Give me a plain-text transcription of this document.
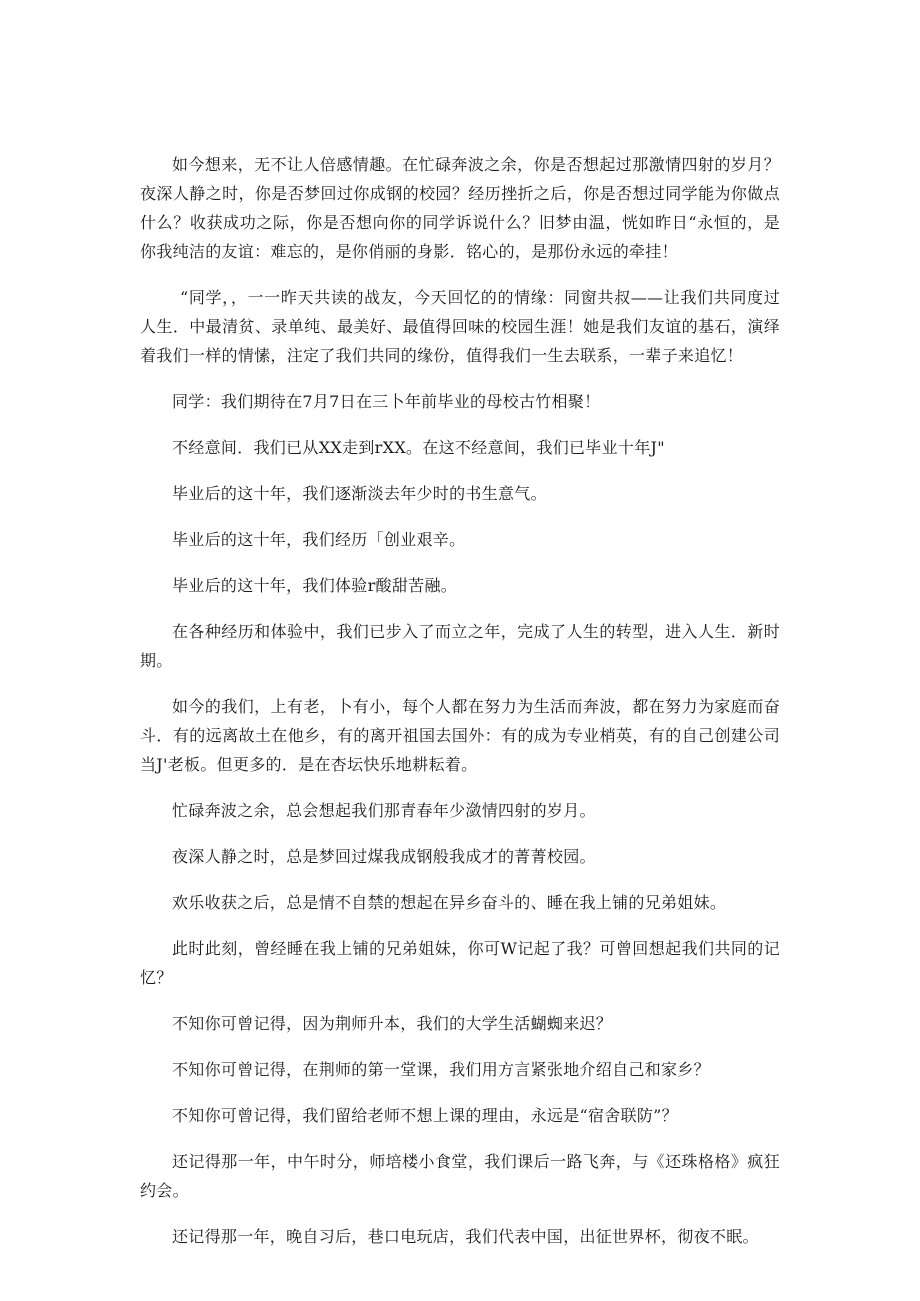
如今想来，无不让人倍感情趣。在忙碌奔波之余，你是否想起过那激情四射的岁月？夜深人静之时，你是否梦回过你成钢的校园？经历挫折之后，你是否想过同学能为你做点什么？收获成功之际，你是否想向你的同学诉说什么？旧梦由温，恍如昨日“永恒的，是你我纯洁的友谊：难忘的，是你俏丽的身影．铭心的，是那份永远的牵挂！

“同学，，一一昨天共读的战友，今天回忆的的情缘：同窗共叔——让我们共同度过人生．中最清贫、录单纯、最美好、最值得回味的校园生涯！她是我们友谊的基石，演绎着我们一样的情愫，注定了我们共同的缘份，值得我们一生去联系，一辈子来追忆！

同学：我们期待在7月7日在三卜年前毕业的母校古竹相聚！

不经意间．我们已从XX走到rXX。在这不经意间，我们已毕业十年J"

毕业后的这十年，我们逐渐淡去年少时的书生意气。

毕业后的这十年，我们经历「创业艰辛。

毕业后的这十年，我们体验r酸甜苦融。

在各种经历和体验中，我们已步入了而立之年，完成了人生的转型，进入人生．新时期。

如今的我们，上有老，卜有小，每个人都在努力为生活而奔波，都在努力为家庭而奋斗．有的远离故土在他乡，有的离开祖国去国外：有的成为专业梢英，有的自己创建公司当J'老板。但更多的．是在杏坛快乐地耕耘着。

忙碌奔波之余，总会想起我们那青春年少潋情四射的岁月。

夜深人静之时，总是梦回过煤我成钢般我成才的菁菁校园。

欢乐收获之后，总是情不自禁的想起在异乡奋斗的、睡在我上铺的兄弟姐妹。

此时此刻，曾经睡在我上铺的兄弟姐妹，你可W记起了我？可曾回想起我们共同的记忆？

不知你可曾记得，因为荆师升本，我们的大学生活蝴蜘来迟？

不知你可曾记得，在荆师的第一堂课，我们用方言紧张地介绍自己和家乡？

不知你可曾记得，我们留给老师不想上课的理由，永远是“宿舍联防”？

还记得那一年，中午时分，师培楼小食堂，我们课后一路飞奔，与《还珠格格》疯狂约会。

还记得那一年，晚自习后，巷口电玩店，我们代表中国，出征世界杯，彻夜不眠。
